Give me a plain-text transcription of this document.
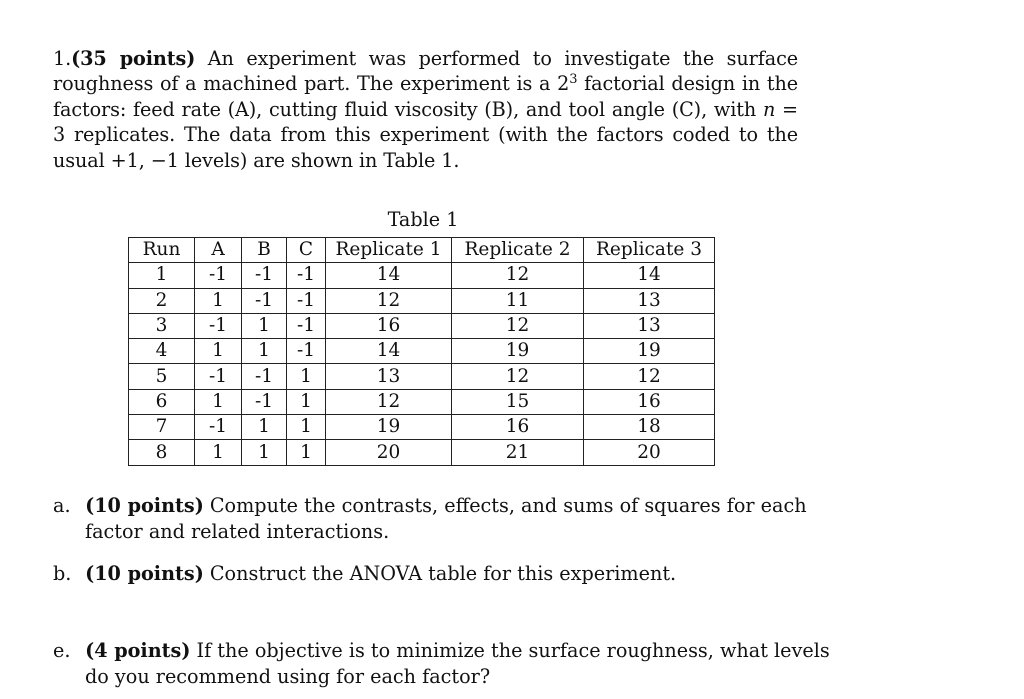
1.(35 points) An experiment was performed to investigate the surface roughness of a machined part. The experiment is a $2^3$ factorial design in the factors: feed rate (A), cutting fluid viscosity (B), and tool angle (C), with n = 3 replicates. The data from this experiment (with the factors coded to the usual +1, −1 levels) are shown in Table 1.
Table 1
Run	A	B	C	Replicate 1	Replicate 2	Replicate 3
1	-1	-1	-1	14	12	14
2	1	-1	-1	12	11	13
3	-1	1	-1	16	12	13
4	1	1	-1	14	19	19
5	-1	-1	1	13	12	12
6	1	-1	1	12	15	16
7	-1	1	1	19	16	18
8	1	1	1	20	21	20
a. (10 points) Compute the contrasts, effects, and sums of squares for each
factor and related interactions.
b. (10 points) Construct the ANOVA table for this experiment.
e. (4 points) If the objective is to minimize the surface roughness, what levels
do you recommend using for each factor?
